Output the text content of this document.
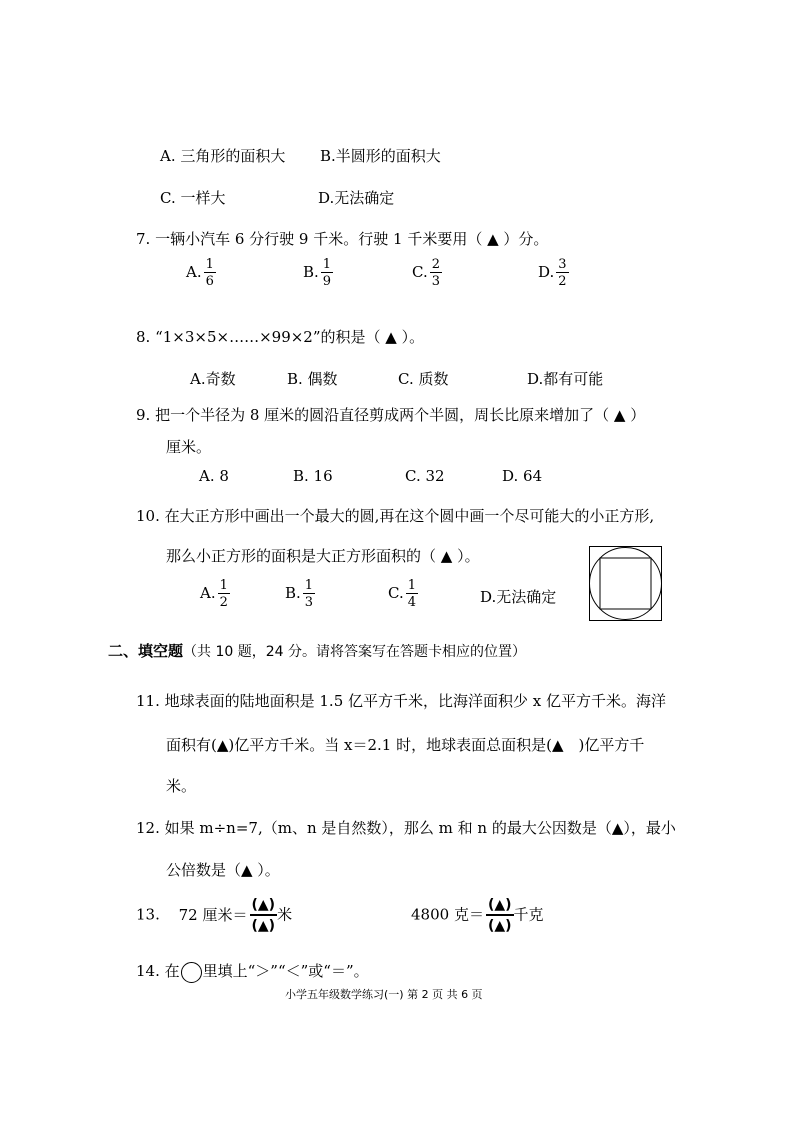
A. 三角形的面积大 B.半圆形的面积大
C. 一样大	D.无法确定
7. 一辆小汽车 6 分行驶 9 千米。行驶 1 千米要用（ ▲ ）分。
A. $\frac{1}{6}$	B. $\frac{1}{9}$	C. $\frac{2}{3}$	D. $\frac{3}{2}$
8. “1×3×5×……×99×2”的积是（ ▲ ）。
A.奇数	B. 偶数	C. 质数	D.都有可能
9. 把一个半径为 8 厘米的圆沿直径剪成两个半圆，周长比原来增加了（ ▲ ）
厘米。
A. 8	B. 16	C. 32	D. 64
10. 在大正方形中画出一个最大的圆,再在这个圆中画一个尽可能大的小正方形,
那么小正方形的面积是大正方形面积的（ ▲ ）。
A. $\frac{1}{2}$	B. $\frac{1}{3}$	C. $\frac{1}{4}$	D.无法确定
二、填空题（共 10 题，24 分。请将答案写在答题卡相应的位置）
11. 地球表面的陆地面积是 1.5 亿平方千米，比海洋面积少 x 亿平方千米。海洋
面积有(▲)亿平方千米。当 x＝2.1 时，地球表面总面积是(▲　)亿平方千
米。
12. 如果 m÷n=7,（m、n 是自然数），那么 m 和 n 的最大公因数是（▲），最小
公倍数是（▲ ）。
13. 72 厘米＝ $\frac{(▲)}{(▲)}$ 米	4800 克＝ $\frac{(▲)}{(▲)}$ 千克
14. 在 里填上“＞”“＜”或“＝”。
小学五年级数学练习(一) 第 2 页 共 6 页
